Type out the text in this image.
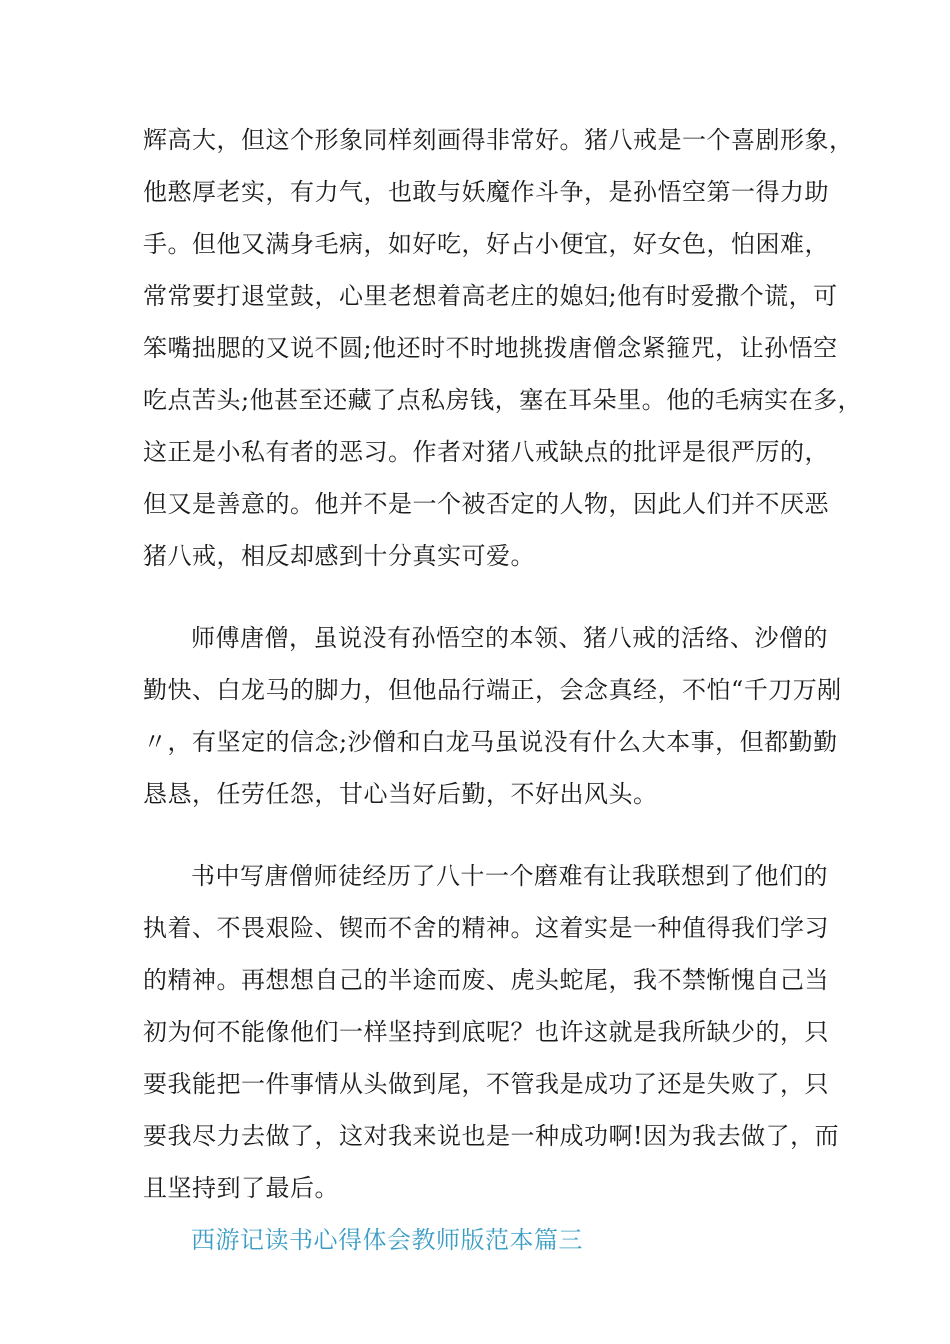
辉高大，但这个形象同样刻画得非常好。猪八戒是一个喜剧形象，
他憨厚老实，有力气，也敢与妖魔作斗争，是孙悟空第一得力助
手。但他又满身毛病，如好吃，好占小便宜，好女色，怕困难，
常常要打退堂鼓，心里老想着高老庄的媳妇;他有时爱撒个谎，可
笨嘴拙腮的又说不圆;他还时不时地挑拨唐僧念紧箍咒，让孙悟空
吃点苦头;他甚至还藏了点私房钱，塞在耳朵里。他的毛病实在多，
这正是小私有者的恶习。作者对猪八戒缺点的批评是很严厉的，
但又是善意的。他并不是一个被否定的人物，因此人们并不厌恶
猪八戒，相反却感到十分真实可爱。
师傅唐僧，虽说没有孙悟空的本领、猪八戒的活络、沙僧的
勤快、白龙马的脚力，但他品行端正，会念真经，不怕“千刀万剐
〃，有坚定的信念;沙僧和白龙马虽说没有什么大本事，但都勤勤
恳恳，任劳任怨，甘心当好后勤，不好出风头。
书中写唐僧师徒经历了八十一个磨难有让我联想到了他们的
执着、不畏艰险、锲而不舍的精神。这着实是一种值得我们学习
的精神。再想想自己的半途而废、虎头蛇尾，我不禁惭愧自己当
初为何不能像他们一样坚持到底呢？也许这就是我所缺少的，只
要我能把一件事情从头做到尾，不管我是成功了还是失败了，只
要我尽力去做了，这对我来说也是一种成功啊!因为我去做了，而
且坚持到了最后。
西游记读书心得体会教师版范本篇三
